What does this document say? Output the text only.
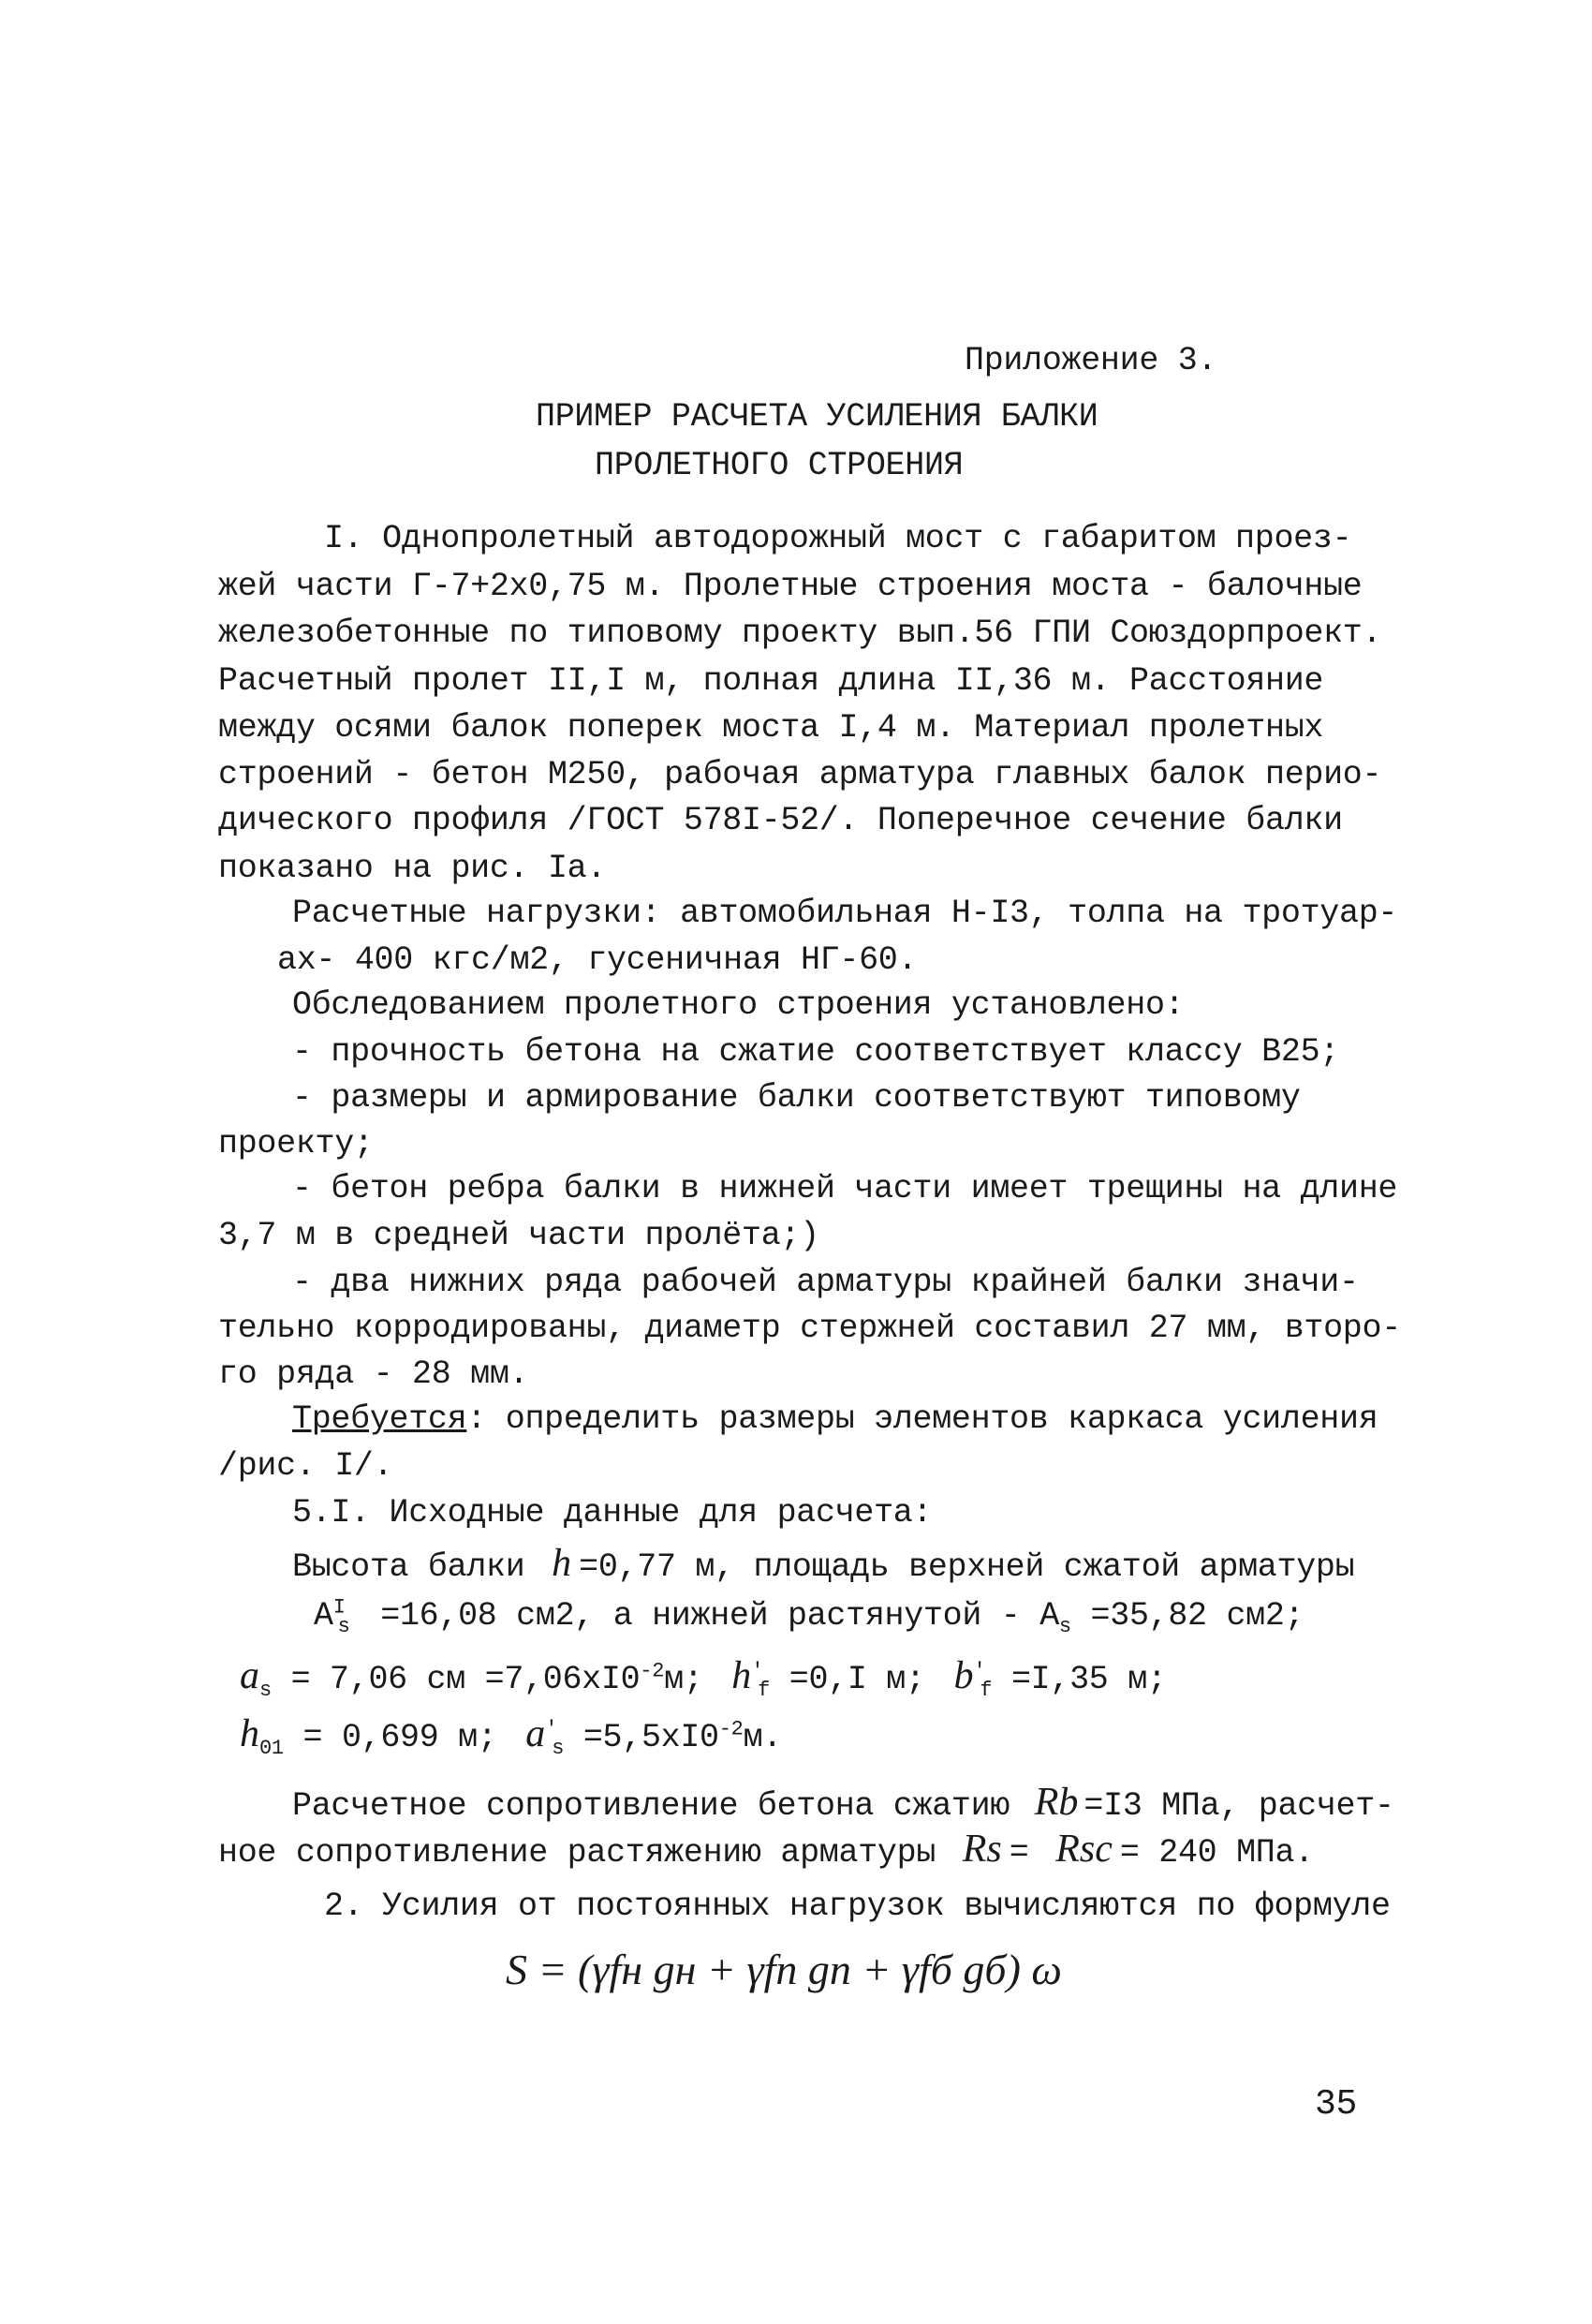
Приложение 3.
ПРИМЕР РАСЧЕТА УСИЛЕНИЯ БАЛКИ
ПРОЛЕТНОГО СТРОЕНИЯ
I. Однопролетный автодорожный мост с габаритом проез-
жей части Г-7+2х0,75 м. Пролетные строения моста - балочные
железобетонные по типовому проекту вып.56 ГПИ Союздорпроект.
Расчетный пролет II,I м, полная длина II,36 м. Расстояние
между осями балок поперек моста I,4 м. Материал пролетных
строений - бетон М250, рабочая арматура главных балок перио-
дического профиля /ГОСТ 578I-52/. Поперечное сечение балки
показано на рис. Iа.
Расчетные нагрузки: автомобильная Н-I3, толпа на тротуар-
ах- 400 кгс/м2, гусеничная НГ-60.
Обследованием пролетного строения установлено:
- прочность бетона на сжатие соответствует классу В25;
- размеры и армирование балки соответствуют типовому
проекту;
- бетон ребра балки в нижней части имеет трещины на длине
3,7 м в средней части пролёта;)
- два нижних ряда рабочей арматуры крайней балки значи-
тельно корродированы, диаметр стержней составил 27 мм, второ-
го ряда - 28 мм.
Требуется: определить размеры элементов каркаса усиления
/рис. I/.
5.I. Исходные данные для расчета:
Высота балки h =0,77 м, площадь верхней сжатой арматуры
$A^I_s =16,08$ см2, а нижней растянутой - $A_s =35,82$ см2;
$a_s = 7,06$ см $=7,06хI0^{-2}м$; $h'_f =0,I$ м; $b'_f =I,35$ м;
$h_{01} = 0,699$ м; $a'_s =5,5хI0^{-2}м$.
Расчетное сопротивление бетона сжатию Rb =I3 МПа, расчет-
ное сопротивление растяжению арматуры Rs = Rsc = 240 МПа.
2. Усилия от постоянных нагрузок вычисляются по формуле
S = (γfн gн + γfп gп + γfб gб) ω
35
